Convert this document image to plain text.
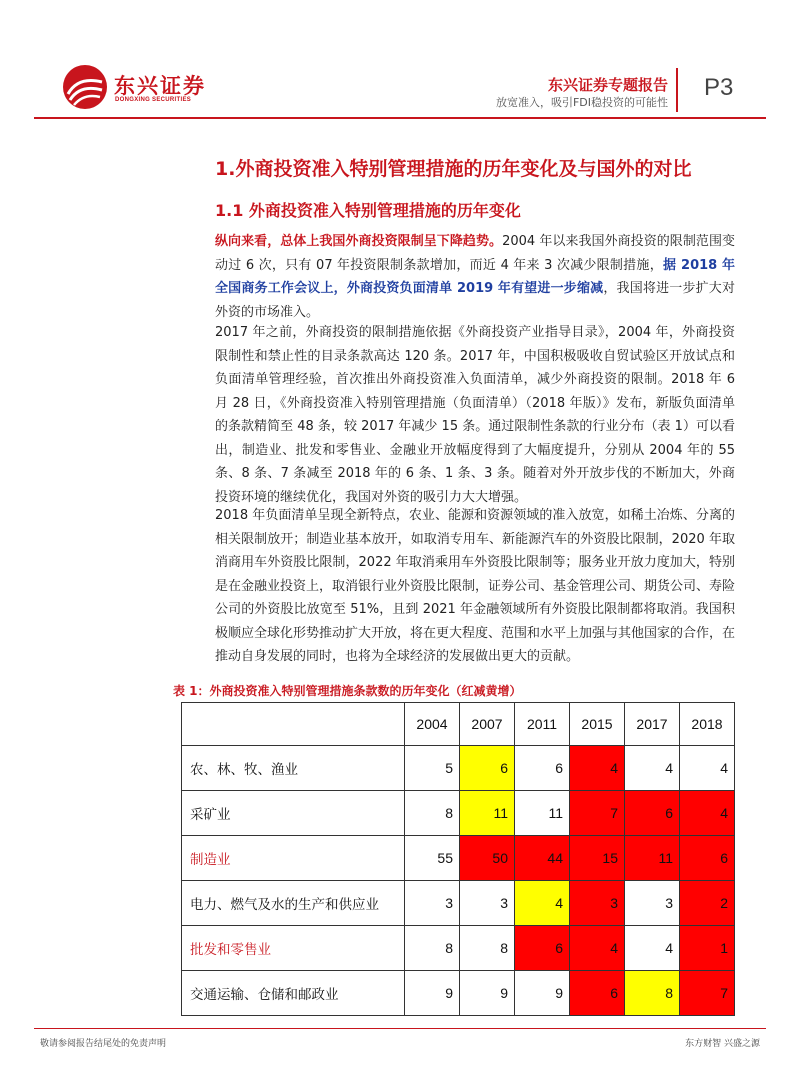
东兴证券
DONGXING SECURITIES
东兴证券专题报告
放宽准入，吸引FDI稳投资的可能性
P3
1.外商投资准入特别管理措施的历年变化及与国外的对比
1.1 外商投资准入特别管理措施的历年变化
纵向来看，总体上我国外商投资限制呈下降趋势。2004 年以来我国外商投资的限制范围变动过 6 次，只有 07 年投资限制条款增加，而近 4 年来 3 次减少限制措施，据 2018 年全国商务工作会议上，外商投资负面清单 2019 年有望进一步缩减，我国将进一步扩大对外资的市场准入。
2017 年之前，外商投资的限制措施依据《外商投资产业指导目录》，2004 年，外商投资限制性和禁止性的目录条款高达 120 条。2017 年，中国积极吸收自贸试验区开放试点和负面清单管理经验，首次推出外商投资准入负面清单，减少外商投资的限制。2018 年 6 月 28 日，《外商投资准入特别管理措施（负面清单）（2018 年版）》发布，新版负面清单的条款精简至 48 条，较 2017 年减少 15 条。通过限制性条款的行业分布（表 1）可以看出，制造业、批发和零售业、金融业开放幅度得到了大幅度提升，分别从 2004 年的 55 条、8 条、7 条减至 2018 年的 6 条、1 条、3 条。随着对外开放步伐的不断加大，外商投资环境的继续优化，我国对外资的吸引力大大增强。
2018 年负面清单呈现全新特点，农业、能源和资源领域的准入放宽，如稀土冶炼、分离的相关限制放开；制造业基本放开，如取消专用车、新能源汽车的外资股比限制，2020 年取消商用车外资股比限制，2022 年取消乘用车外资股比限制等；服务业开放力度加大，特别是在金融业投资上，取消银行业外资股比限制，证券公司、基金管理公司、期货公司、寿险公司的外资股比放宽至 51%，且到 2021 年金融领域所有外资股比限制都将取消。我国积极顺应全球化形势推动扩大开放，将在更大程度、范围和水平上加强与其他国家的合作，在推动自身发展的同时，也将为全球经济的发展做出更大的贡献。
表 1：外商投资准入特别管理措施条款数的历年变化（红减黄增）
	2004	2007	2011	2015	2017	2018
农、林、牧、渔业	5	6	6	4	4	4
采矿业	8	11	11	7	6	4
制造业	55	50	44	15	11	6
电力、燃气及水的生产和供应业	3	3	4	3	3	2
批发和零售业	8	8	6	4	4	1
交通运输、仓储和邮政业	9	9	9	6	8	7
敬请参阅报告结尾处的免责声明	东方财智 兴盛之源
